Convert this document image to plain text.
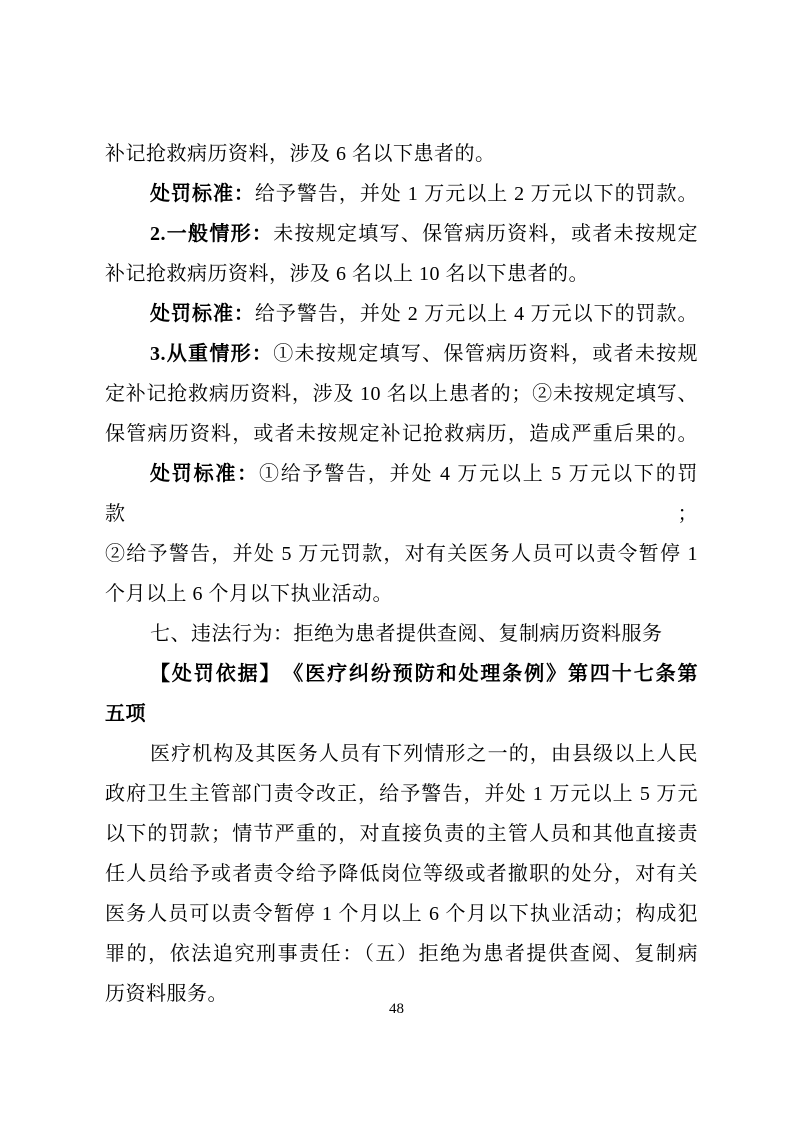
补记抢救病历资料，涉及 6 名以下患者的。
处罚标准：给予警告，并处 1 万元以上 2 万元以下的罚款。
2.一般情形：未按规定填写、保管病历资料，或者未按规定
补记抢救病历资料，涉及 6 名以上 10 名以下患者的。
处罚标准：给予警告，并处 2 万元以上 4 万元以下的罚款。
3.从重情形：①未按规定填写、保管病历资料，或者未按规
定补记抢救病历资料，涉及 10 名以上患者的；②未按规定填写、
保管病历资料，或者未按规定补记抢救病历，造成严重后果的。
处罚标准：①给予警告，并处 4 万元以上 5 万元以下的罚款；
②给予警告，并处 5 万元罚款，对有关医务人员可以责令暂停 1
个月以上 6 个月以下执业活动。
七、违法行为：拒绝为患者提供查阅、复制病历资料服务
【处罚依据】　《医疗纠纷预防和处理条例》第四十七条第
五项
医疗机构及其医务人员有下列情形之一的，由县级以上人民
政府卫生主管部门责令改正，给予警告，并处 1 万元以上 5 万元
以下的罚款；情节严重的，对直接负责的主管人员和其他直接责
任人员给予或者责令给予降低岗位等级或者撤职的处分，对有关
医务人员可以责令暂停 1 个月以上 6 个月以下执业活动；构成犯
罪的，依法追究刑事责任：（五）拒绝为患者提供查阅、复制病
历资料服务。
48
